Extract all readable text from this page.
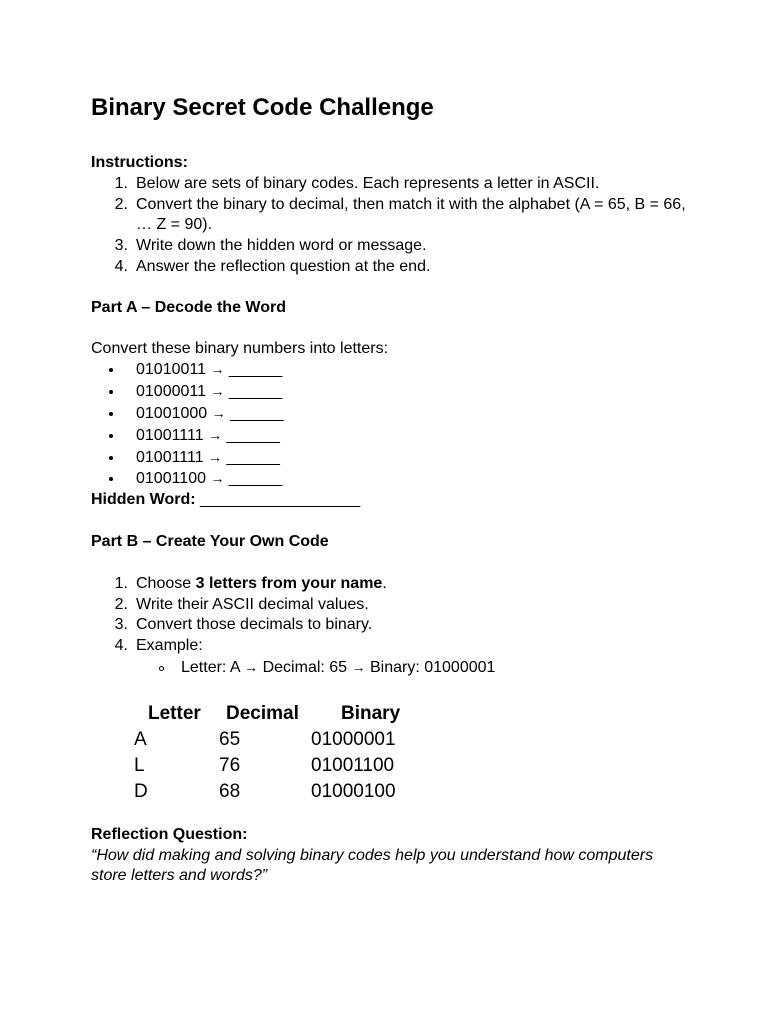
Binary Secret Code Challenge
Instructions:
1. Below are sets of binary codes. Each represents a letter in ASCII.
2. Convert the binary to decimal, then match it with the alphabet (A = 65, B = 66, … Z = 90).
3. Write down the hidden word or message.
4. Answer the reflection question at the end.
Part A – Decode the Word
Convert these binary numbers into letters:
01010011 → ______
01000011 → ______
01001000 → ______
01001111 → ______
01001111 → ______
01001100 → ______
Hidden Word: __________________
Part B – Create Your Own Code
1. Choose 3 letters from your name.
2. Write their ASCII decimal values.
3. Convert those decimals to binary.
4. Example:
Letter: A → Decimal: 65 → Binary: 01000001
Letter	Decimal	Binary
A	65	01000001
L	76	01001100
D	68	01000100
Reflection Question:
“How did making and solving binary codes help you understand how computers store letters and words?”
